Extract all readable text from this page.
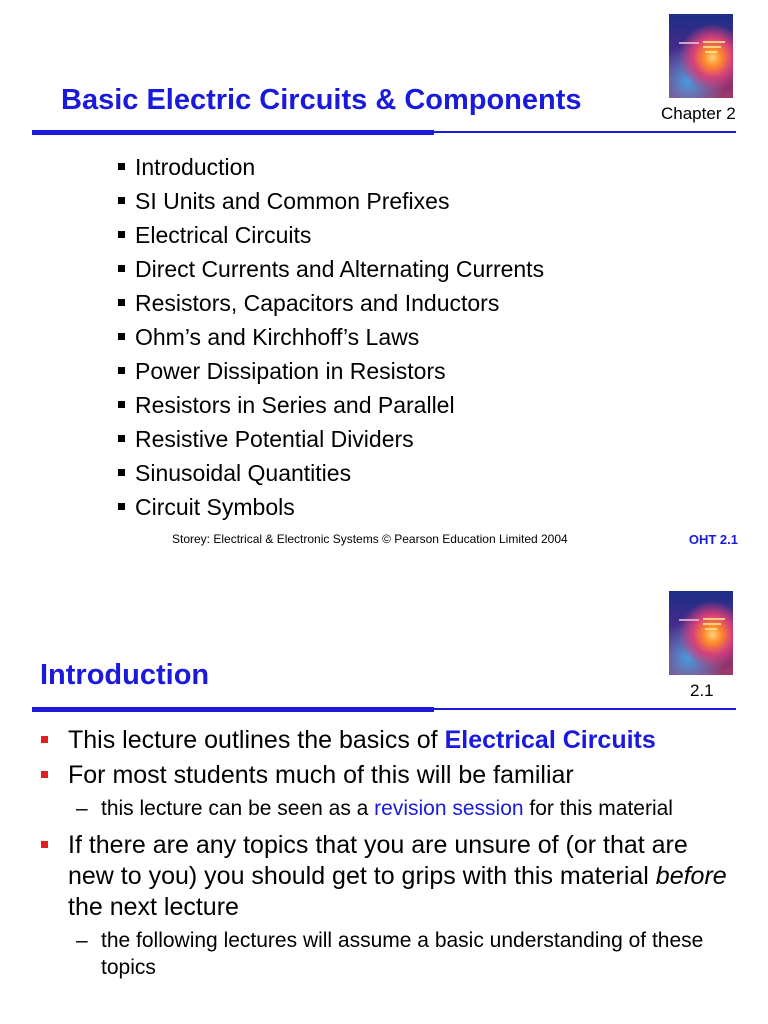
Basic Electric Circuits & Components	Chapter 2
Introduction
SI Units and Common Prefixes
Electrical Circuits
Direct Currents and Alternating Currents
Resistors, Capacitors and Inductors
Ohm’s and Kirchhoff’s Laws
Power Dissipation in Resistors
Resistors in Series and Parallel
Resistive Potential Dividers
Sinusoidal Quantities
Circuit Symbols
Storey: Electrical & Electronic Systems © Pearson Education Limited 2004	OHT 2.1
Introduction	2.1
This lecture outlines the basics of Electrical Circuits
For most students much of this will be familiar
– this lecture can be seen as a revision session for this material
If there are any topics that you are unsure of (or that are new to you) you should get to grips with this material before the next lecture
– the following lectures will assume a basic understanding of these topics
